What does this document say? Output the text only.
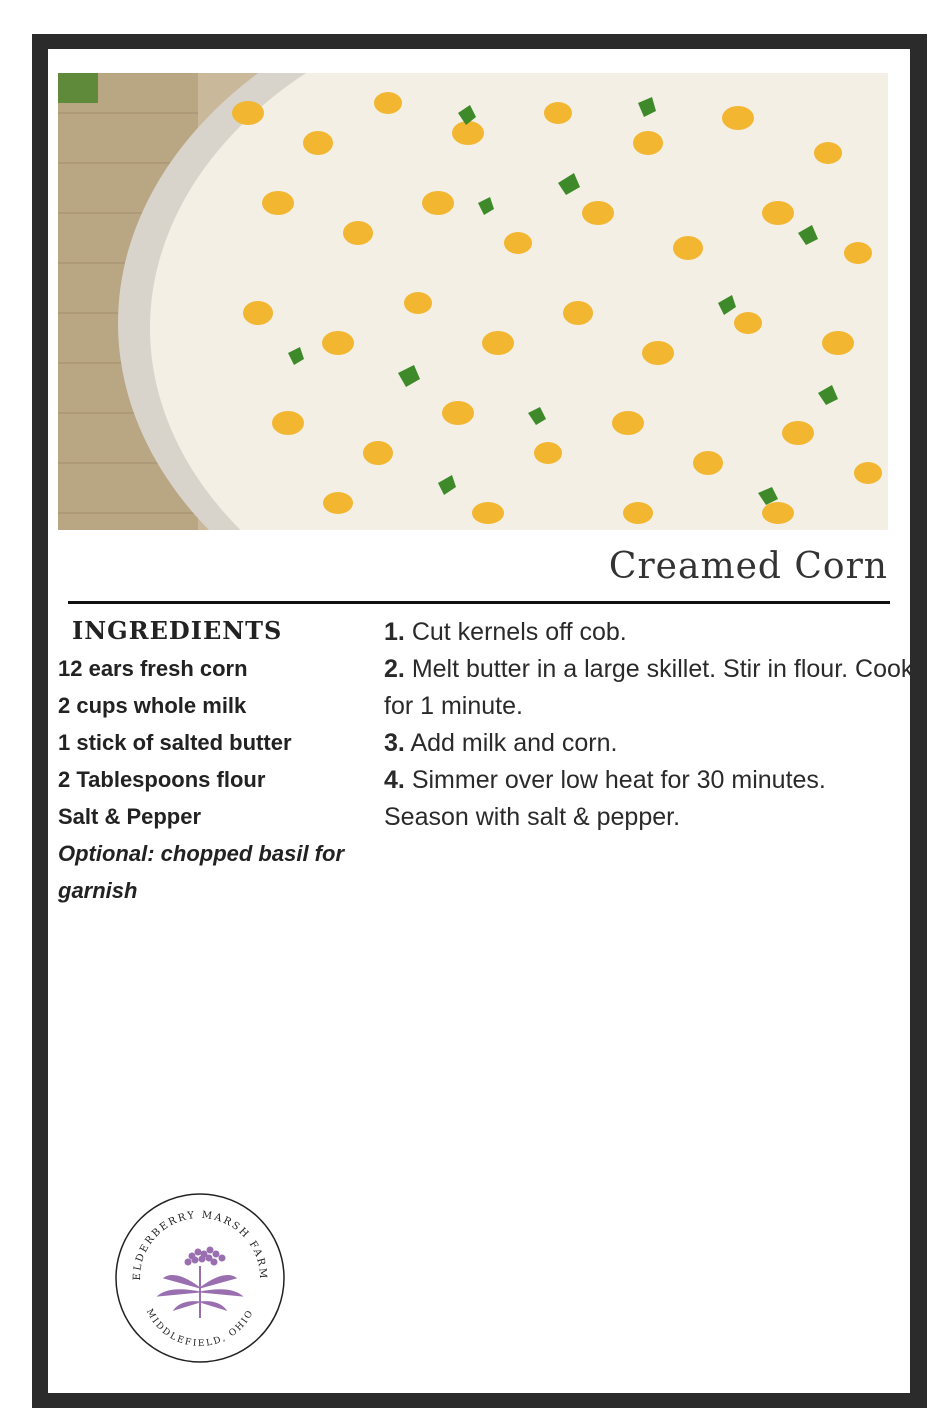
Creamed Corn
INGREDIENTS
12 ears fresh corn
2 cups whole milk
1 stick of salted butter
2 Tablespoons flour
Salt & Pepper
Optional: chopped basil for garnish
1. Cut kernels off cob.
2. Melt butter in a large skillet. Stir in flour. Cook for 1 minute.
3. Add milk and corn.
4. Simmer over low heat for 30 minutes. Season with salt & pepper.
ELDERBERRY MARSH FARM
MIDDLEFIELD, OHIO
